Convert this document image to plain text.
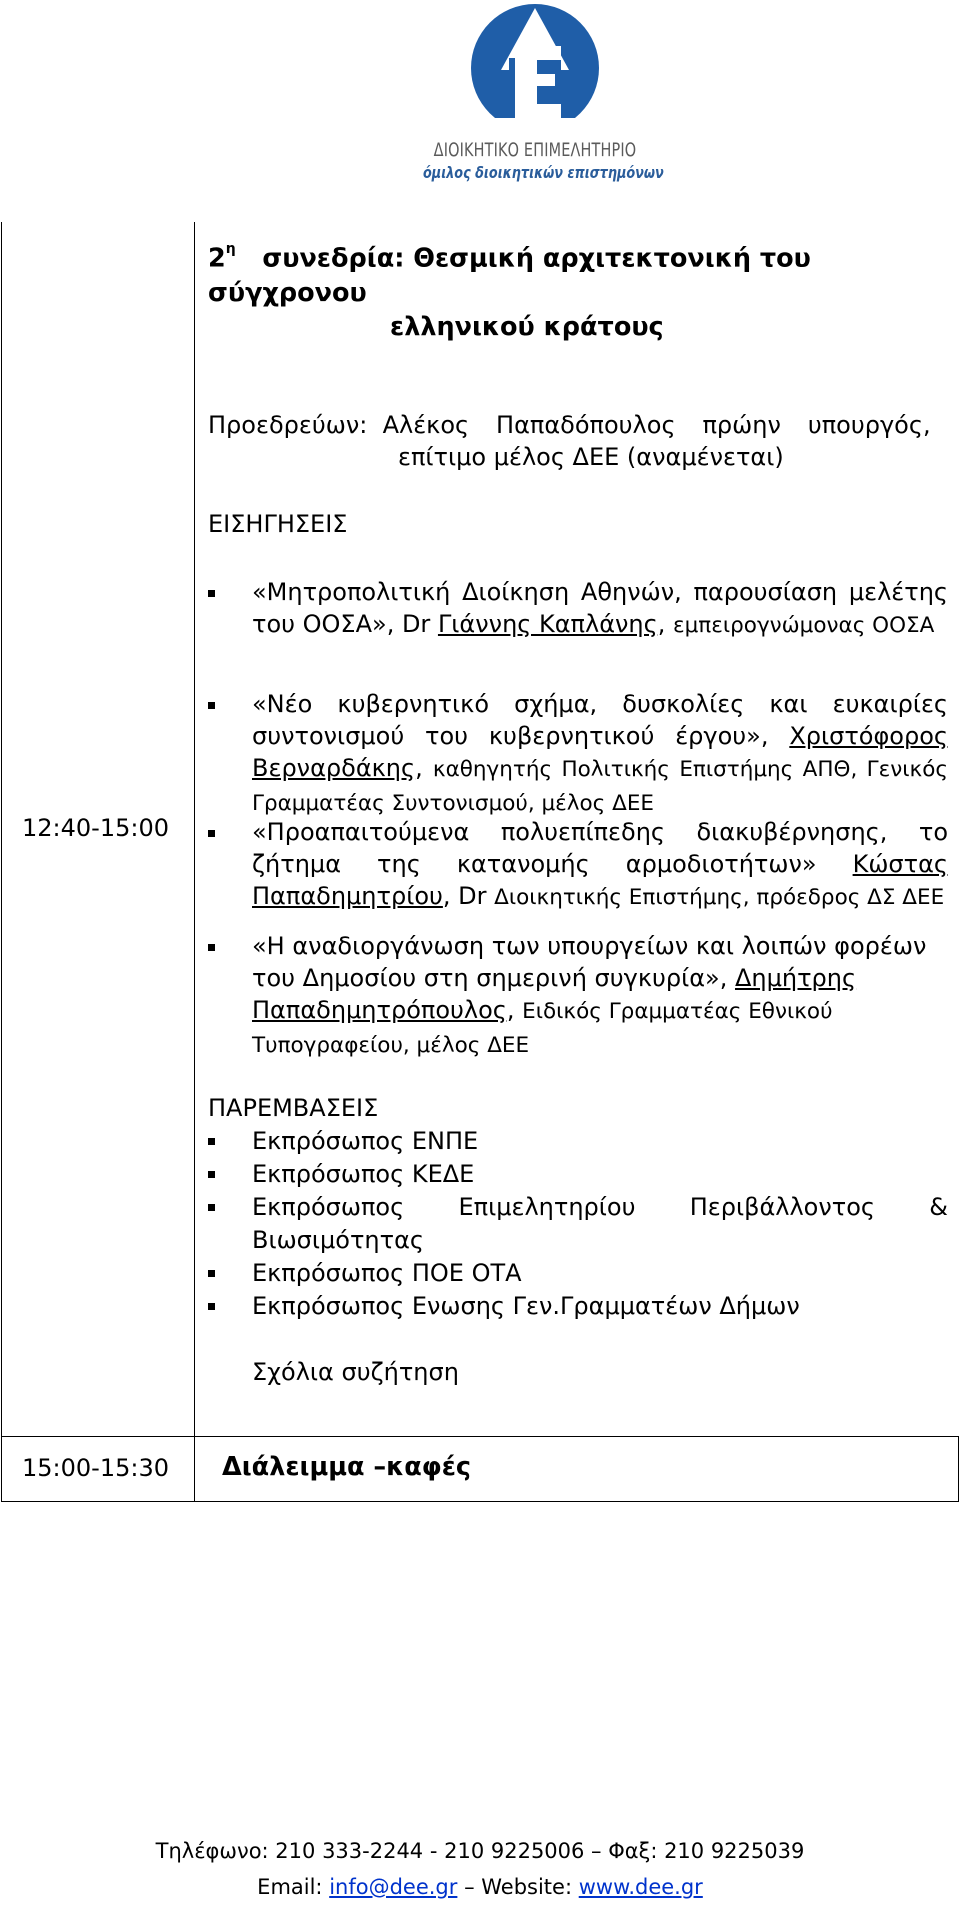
ΔΙΟΙΚΗΤΙΚΟ ΕΠΙΜΕΛΗΤΗΡΙΟ
όμιλος διοικητικών επιστημόνων
12:40-15:00
$2^\eta$ συνεδρία: Θεσμική αρχιτεκτονική του σύγχρονου
ελληνικού κράτους
Προεδρεύων: Αλέκος Παπαδόπουλος πρώην υπουργός,
επίτιμο μέλος ΔΕΕ (αναμένεται)
ΕΙΣΗΓΗΣΕΙΣ
«Μητροπολιτική Διοίκηση Αθηνών, παρουσίαση μελέτης του ΟΟΣΑ», Dr Γιάννης Καπλάνης, εμπειρογνώμονας ΟΟΣΑ
«Νέο κυβερνητικό σχήμα, δυσκολίες και ευκαιρίες συντονισμού του κυβερνητικού έργου», Χριστόφορος Βερναρδάκης, καθηγητής Πολιτικής Επιστήμης ΑΠΘ, Γενικός Γραμματέας Συντονισμού, μέλος ΔΕΕ
«Προαπαιτούμενα πολυεπίπεδης διακυβέρνησης, το ζήτημα της κατανομής αρμοδιοτήτων» Κώστας Παπαδημητρίου, Dr Διοικητικής Επιστήμης, πρόεδρος ΔΣ ΔΕΕ
«Η αναδιοργάνωση των υπουργείων και λοιπών φορέων του Δημοσίου στη σημερινή συγκυρία», Δημήτρης Παπαδημητρόπουλος, Ειδικός Γραμματέας Εθνικού Τυπογραφείου, μέλος ΔΕΕ
ΠΑΡΕΜΒΑΣΕΙΣ
Εκπρόσωπος ΕΝΠΕ
Εκπρόσωπος ΚΕΔΕ
Εκπρόσωπος Επιμελητηρίου Περιβάλλοντος &
Βιωσιμότητας
Εκπρόσωπος ΠΟΕ ΟΤΑ
Εκπρόσωπος Ενωσης Γεν.Γραμματέων Δήμων
Σχόλια συζήτηση
15:00-15:30 Διάλειμμα –καφές
Τηλέφωνο: 210 333-2244 - 210 9225006 – Φαξ: 210 9225039
Email: info@dee.gr – Website: www.dee.gr
